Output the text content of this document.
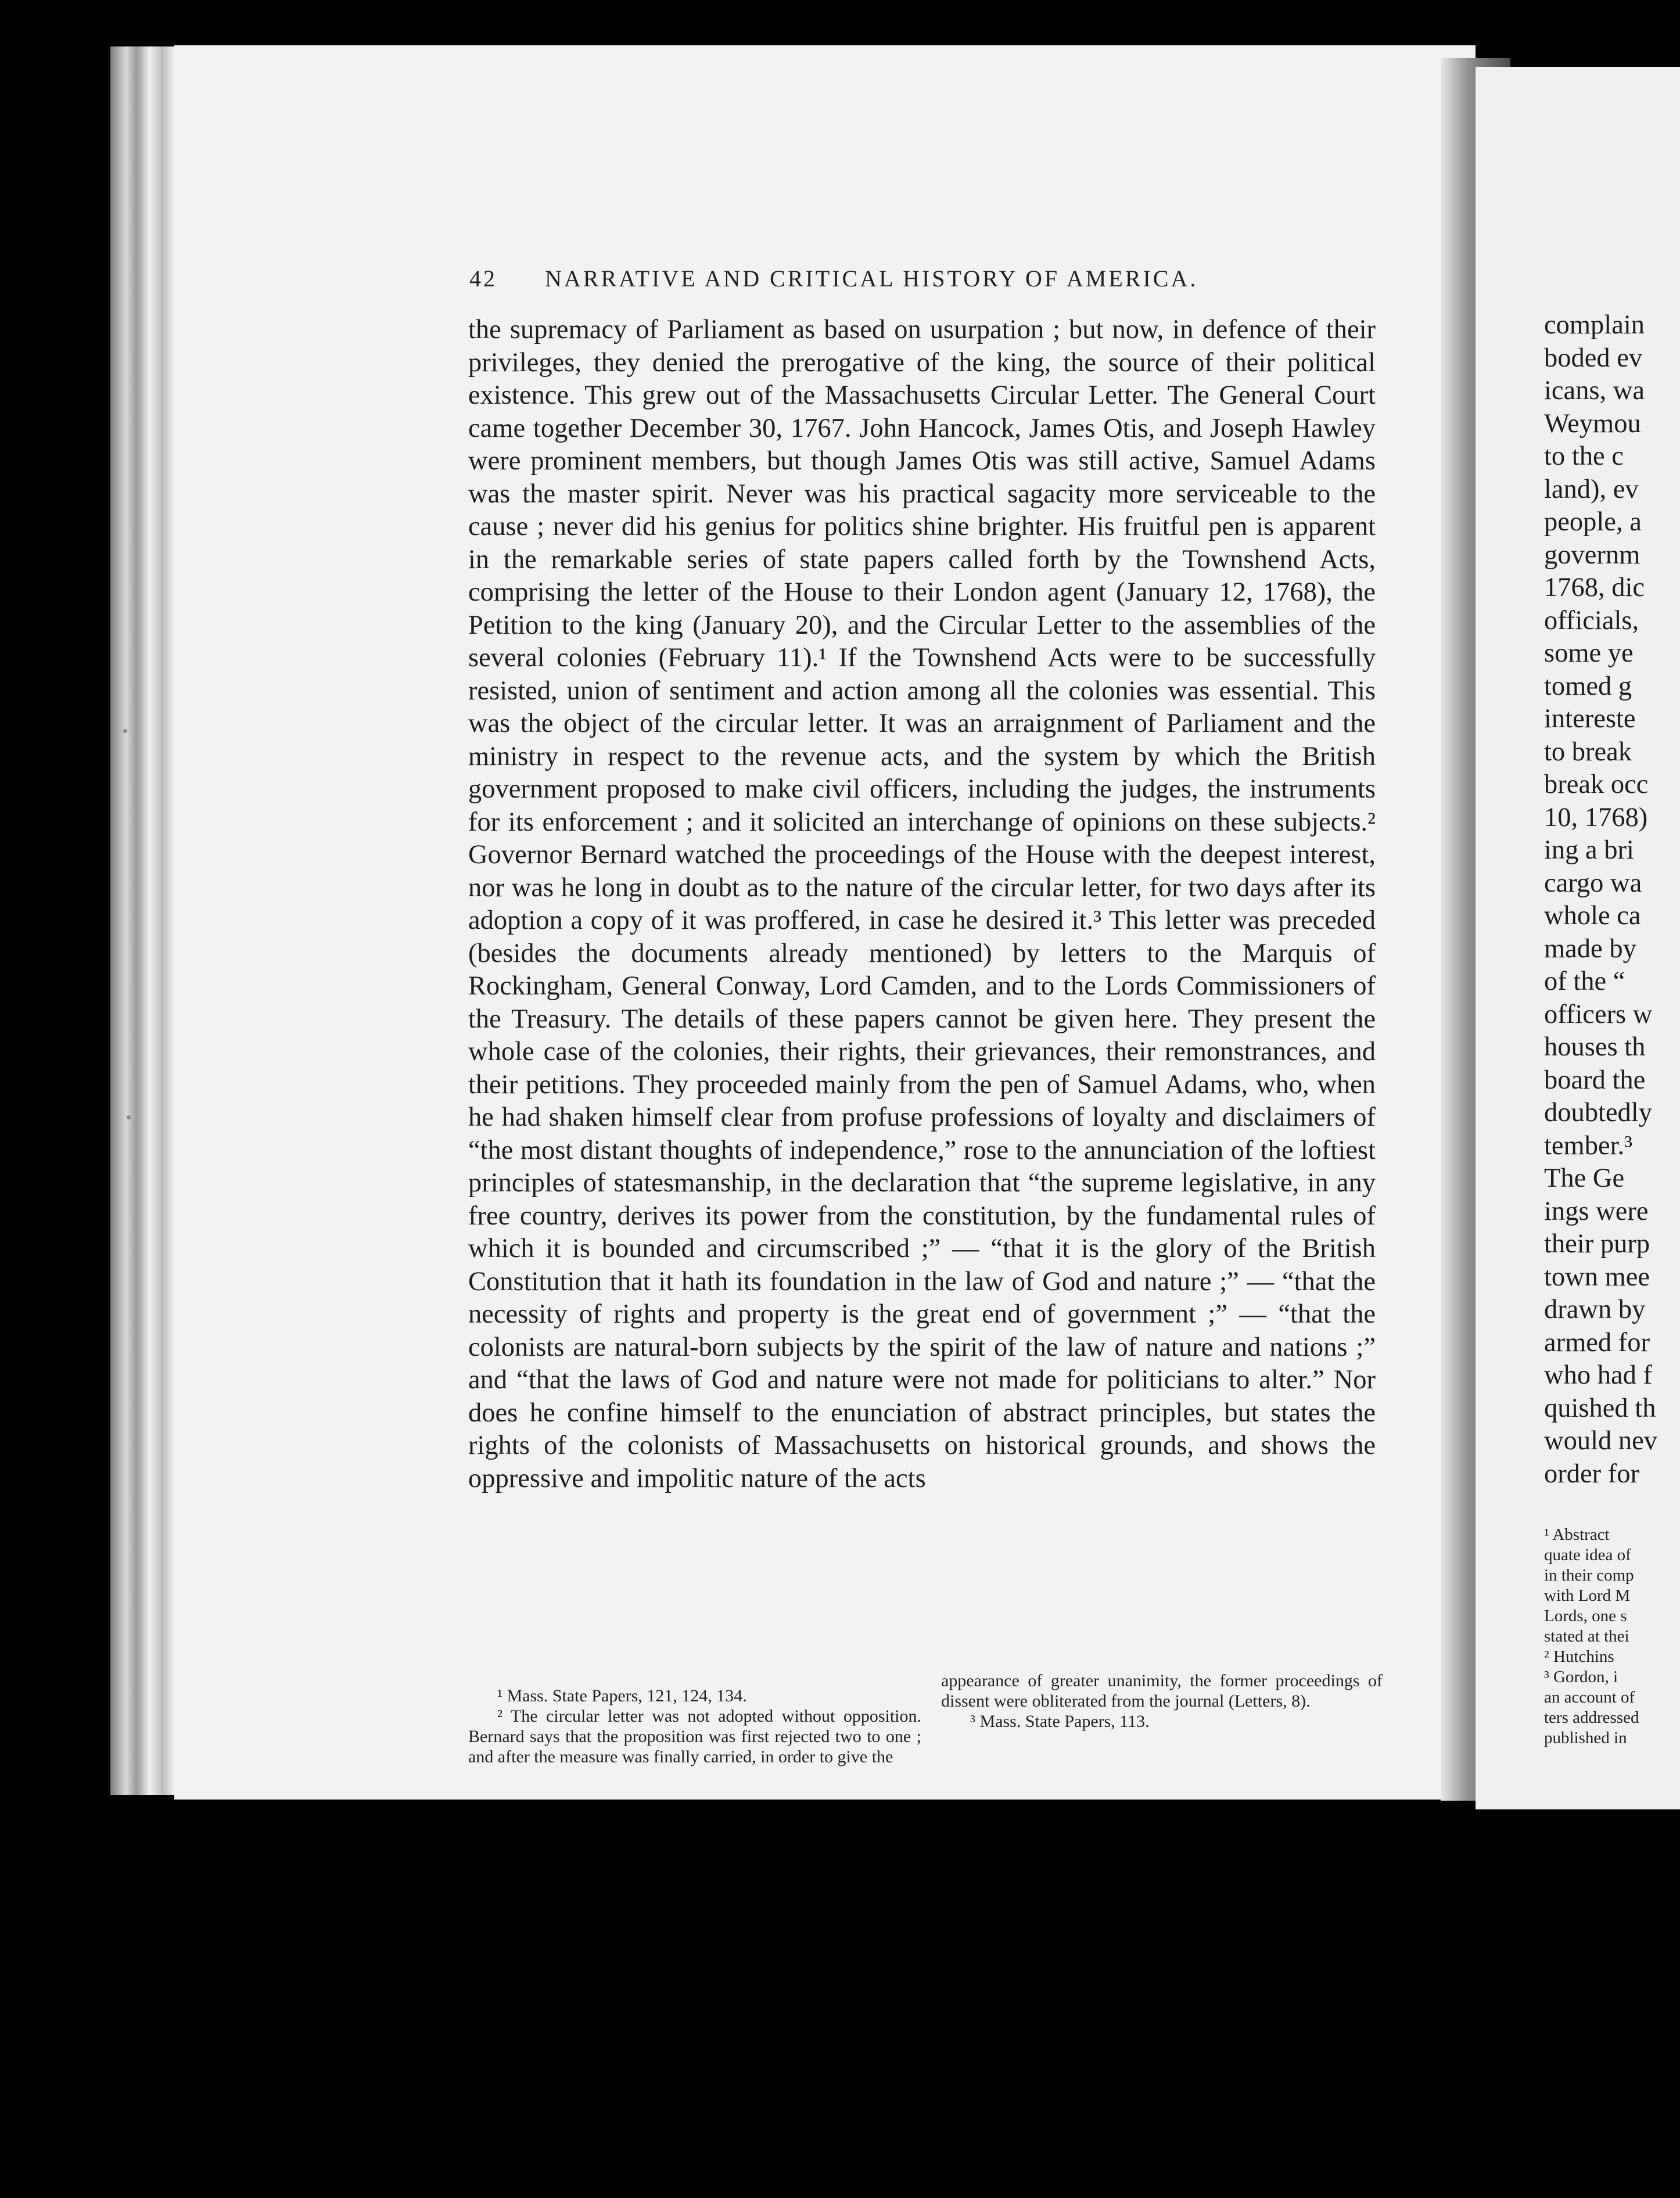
complain
boded ev
icans, wa
Weymou
to the c
land), ev
people, a
governm
1768, dic
officials,
some ye
tomed g
intereste
to break
break occ
10, 1768)
ing a bri
cargo wa
whole ca
made by
of the “
officers w
houses th
board the
doubtedly
tember.³
The Ge
ings were
their purp
town mee
drawn by
armed for
who had f
quished th
would nev
order for
¹ Abstract
quate idea of
in their comp
with Lord M
Lords, one s
stated at thei
² Hutchins
³ Gordon, i
an account of
ters addressed
published in
42 NARRATIVE AND CRITICAL HISTORY OF AMERICA.

the supremacy of Parliament as based on usurpation ; but now, in defence of their privileges, they denied the prerogative of the king, the source of their political existence. This grew out of the Massachusetts Circular Letter. The General Court came together December 30, 1767. John Hancock, James Otis, and Joseph Hawley were prominent members, but though James Otis was still active, Samuel Adams was the master spirit. Never was his practical sagacity more serviceable to the cause ; never did his genius for politics shine brighter. His fruitful pen is apparent in the remarkable series of state papers called forth by the Townshend Acts, comprising the letter of the House to their London agent (January 12, 1768), the Petition to the king (January 20), and the Circular Letter to the assemblies of the several colonies (February 11).¹ If the Townshend Acts were to be successfully resisted, union of sentiment and action among all the colonies was essential. This was the object of the circular letter. It was an arraignment of Parliament and the ministry in respect to the revenue acts, and the system by which the British government proposed to make civil officers, including the judges, the instruments for its enforcement ; and it solicited an interchange of opinions on these subjects.² Governor Bernard watched the proceedings of the House with the deepest interest, nor was he long in doubt as to the nature of the circular letter, for two days after its adoption a copy of it was proffered, in case he desired it.³ This letter was preceded (besides the documents already mentioned) by letters to the Marquis of Rockingham, General Conway, Lord Camden, and to the Lords Commissioners of the Treasury. The details of these papers cannot be given here. They present the whole case of the colonies, their rights, their grievances, their remonstrances, and their petitions. They proceeded mainly from the pen of Samuel Adams, who, when he had shaken himself clear from profuse professions of loyalty and disclaimers of “the most distant thoughts of independence,” rose to the annunciation of the loftiest principles of statesmanship, in the declaration that “the supreme legislative, in any free country, derives its power from the constitution, by the fundamental rules of which it is bounded and circumscribed ;” — “that it is the glory of the British Constitution that it hath its foundation in the law of God and nature ;” — “that the necessity of rights and property is the great end of government ;” — “that the colonists are natural-born subjects by the spirit of the law of nature and nations ;” and “that the laws of God and nature were not made for politicians to alter.” Nor does he confine himself to the enunciation of abstract principles, but states the rights of the colonists of Massachusetts on historical grounds, and shows the oppressive and impolitic nature of the acts

¹ Mass. State Papers, 121, 124, 134.

² The circular letter was not adopted without opposition. Bernard says that the proposition was first rejected two to one ; and after the measure was finally carried, in order to give the

appearance of greater unanimity, the former proceedings of dissent were obliterated from the journal (Letters, 8).

³ Mass. State Papers, 113.
